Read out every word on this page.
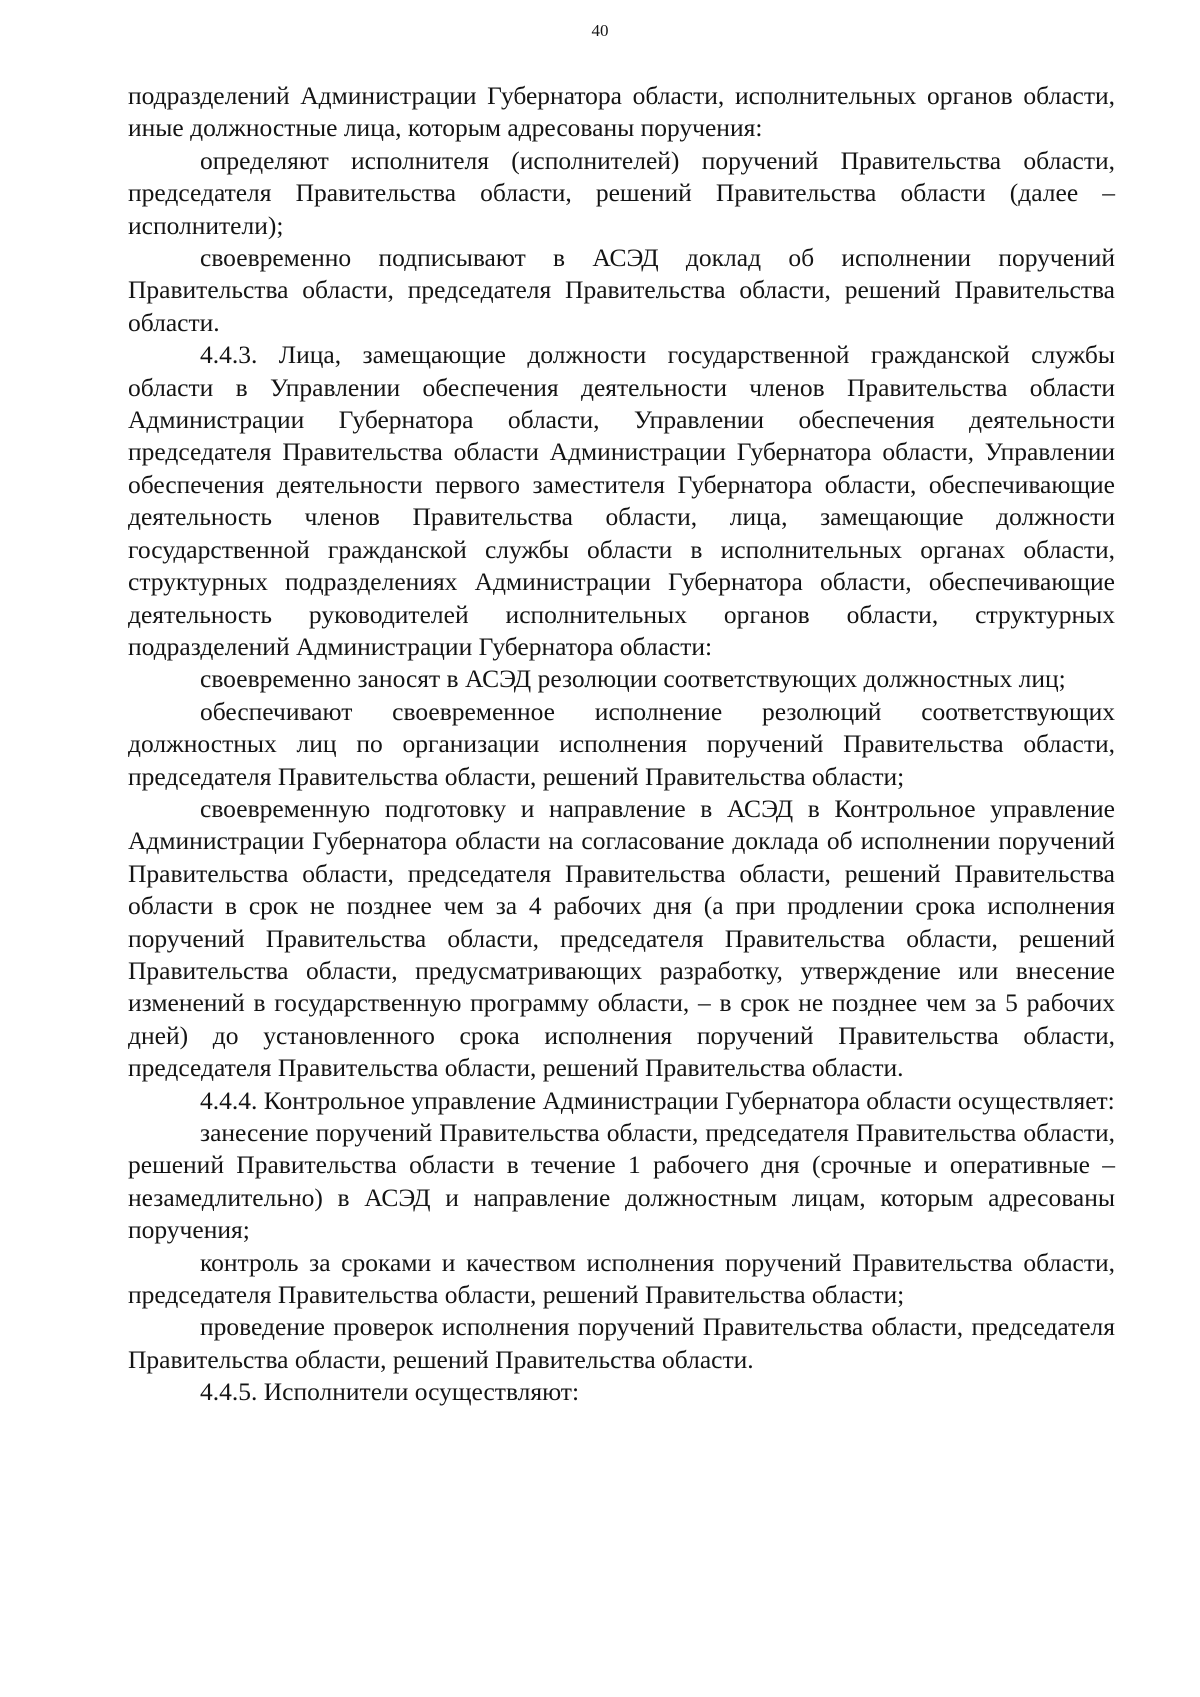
40

подразделений Администрации Губернатора области, исполнительных органов области, иные должностные лица, которым адресованы поручения:

определяют исполнителя (исполнителей) поручений Правительства области, председателя Правительства области, решений Правительства области (далее – исполнители);

своевременно подписывают в АСЭД доклад об исполнении поручений Правительства области, председателя Правительства области, решений Правительства области.

4.4.3. Лица, замещающие должности государственной гражданской службы области в Управлении обеспечения деятельности членов Правительства области Администрации Губернатора области, Управлении обеспечения деятельности председателя Правительства области Администрации Губернатора области, Управлении обеспечения деятельности первого заместителя Губернатора области, обеспечивающие деятельность членов Правительства области, лица, замещающие должности государственной гражданской службы области в исполнительных органах области, структурных подразделениях Администрации Губернатора области, обеспечивающие деятельность руководителей исполнительных органов области, структурных подразделений Администрации Губернатора области:

своевременно заносят в АСЭД резолюции соответствующих должностных лиц;

обеспечивают своевременное исполнение резолюций соответствующих должностных лиц по организации исполнения поручений Правительства области, председателя Правительства области, решений Правительства области;

своевременную подготовку и направление в АСЭД в Контрольное управление Администрации Губернатора области на согласование доклада об исполнении поручений Правительства области, председателя Правительства области, решений Правительства области в срок не позднее чем за 4 рабочих дня (а при продлении срока исполнения поручений Правительства области, председателя Правительства области, решений Правительства области, предусматривающих разработку, утверждение или внесение изменений в государственную программу области, – в срок не позднее чем за 5 рабочих дней) до установленного срока исполнения поручений Правительства области, председателя Правительства области, решений Правительства области.

4.4.4. Контрольное управление Администрации Губернатора области осуществляет:

занесение поручений Правительства области, председателя Правительства области, решений Правительства области в течение 1 рабочего дня (срочные и оперативные – незамедлительно) в АСЭД и направление должностным лицам, которым адресованы поручения;

контроль за сроками и качеством исполнения поручений Правительства области, председателя Правительства области, решений Правительства области;

проведение проверок исполнения поручений Правительства области, председателя Правительства области, решений Правительства области.

4.4.5. Исполнители осуществляют:
